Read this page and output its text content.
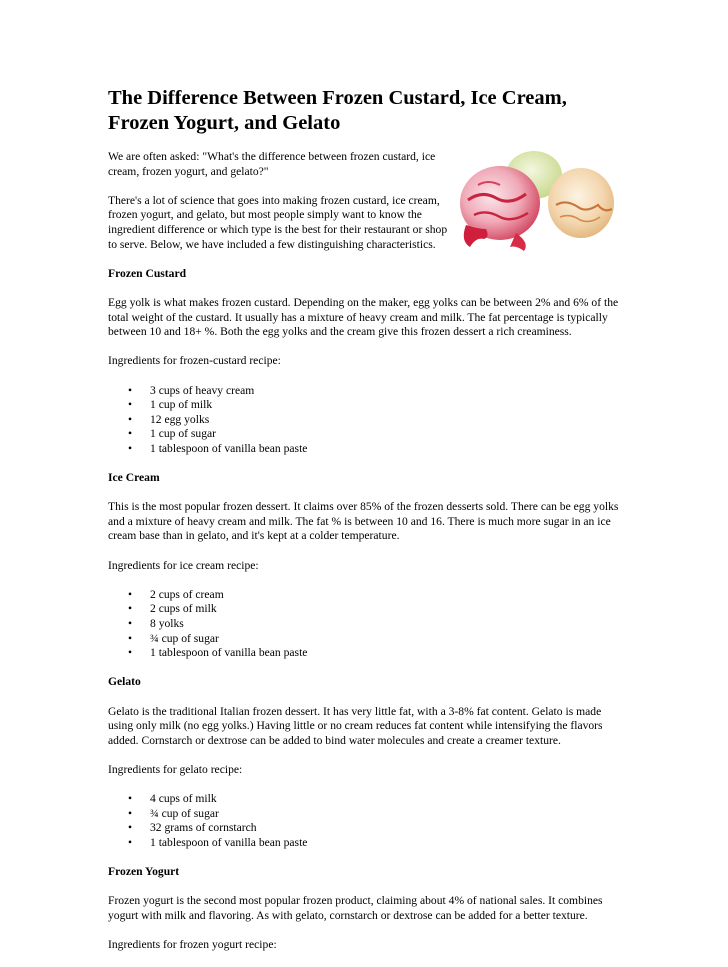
The Difference Between Frozen Custard, Ice Cream, Frozen Yogurt, and Gelato

We are often asked: "What's the difference between frozen custard, ice cream, frozen yogurt, and gelato?"

There's a lot of science that goes into making frozen custard, ice cream, frozen yogurt, and gelato, but most people simply want to know the ingredient difference or which type is the best for their restaurant or shop to serve. Below, we have included a few distinguishing characteristics.

Frozen Custard

Egg yolk is what makes frozen custard. Depending on the maker, egg yolks can be between 2% and 6% of the total weight of the custard. It usually has a mixture of heavy cream and milk. The fat percentage is typically between 10 and 18+ %. Both the egg yolks and the cream give this frozen dessert a rich creaminess.

Ingredients for frozen-custard recipe:

• 3 cups of heavy cream
• 1 cup of milk
• 12 egg yolks
• 1 cup of sugar
• 1 tablespoon of vanilla bean paste

Ice Cream

This is the most popular frozen dessert. It claims over 85% of the frozen desserts sold. There can be egg yolks and a mixture of heavy cream and milk. The fat % is between 10 and 16. There is much more sugar in an ice cream base than in gelato, and it's kept at a colder temperature.

Ingredients for ice cream recipe:

• 2 cups of cream
• 2 cups of milk
• 8 yolks
• ¾ cup of sugar
• 1 tablespoon of vanilla bean paste

Gelato

Gelato is the traditional Italian frozen dessert. It has very little fat, with a 3-8% fat content. Gelato is made using only milk (no egg yolks.) Having little or no cream reduces fat content while intensifying the flavors added. Cornstarch or dextrose can be added to bind water molecules and create a creamer texture.

Ingredients for gelato recipe:

• 4 cups of milk
• ¾ cup of sugar
• 32 grams of cornstarch
• 1 tablespoon of vanilla bean paste

Frozen Yogurt

Frozen yogurt is the second most popular frozen product, claiming about 4% of national sales. It combines yogurt with milk and flavoring. As with gelato, cornstarch or dextrose can be added for a better texture.

Ingredients for frozen yogurt recipe:
